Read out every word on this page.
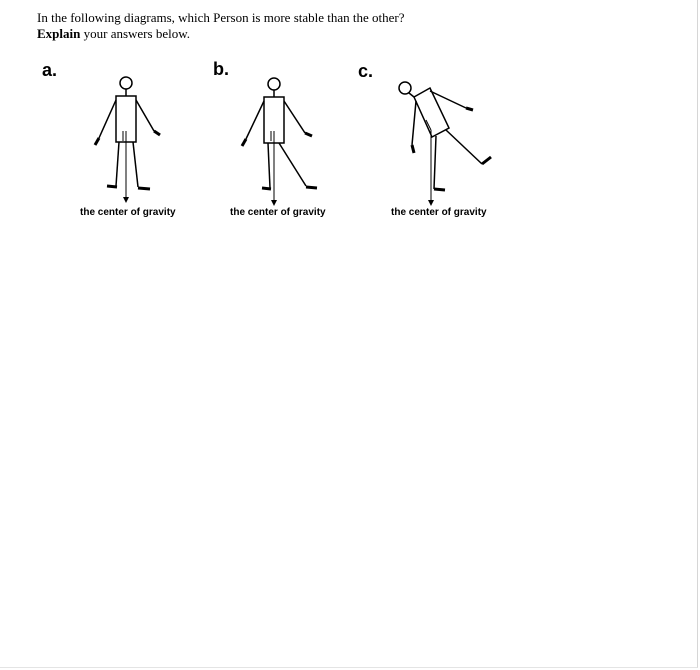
In the following diagrams, which Person is more stable than the other?
Explain your answers below.
a.	b.	c.
the center of gravity	the center of gravity	the center of gravity
